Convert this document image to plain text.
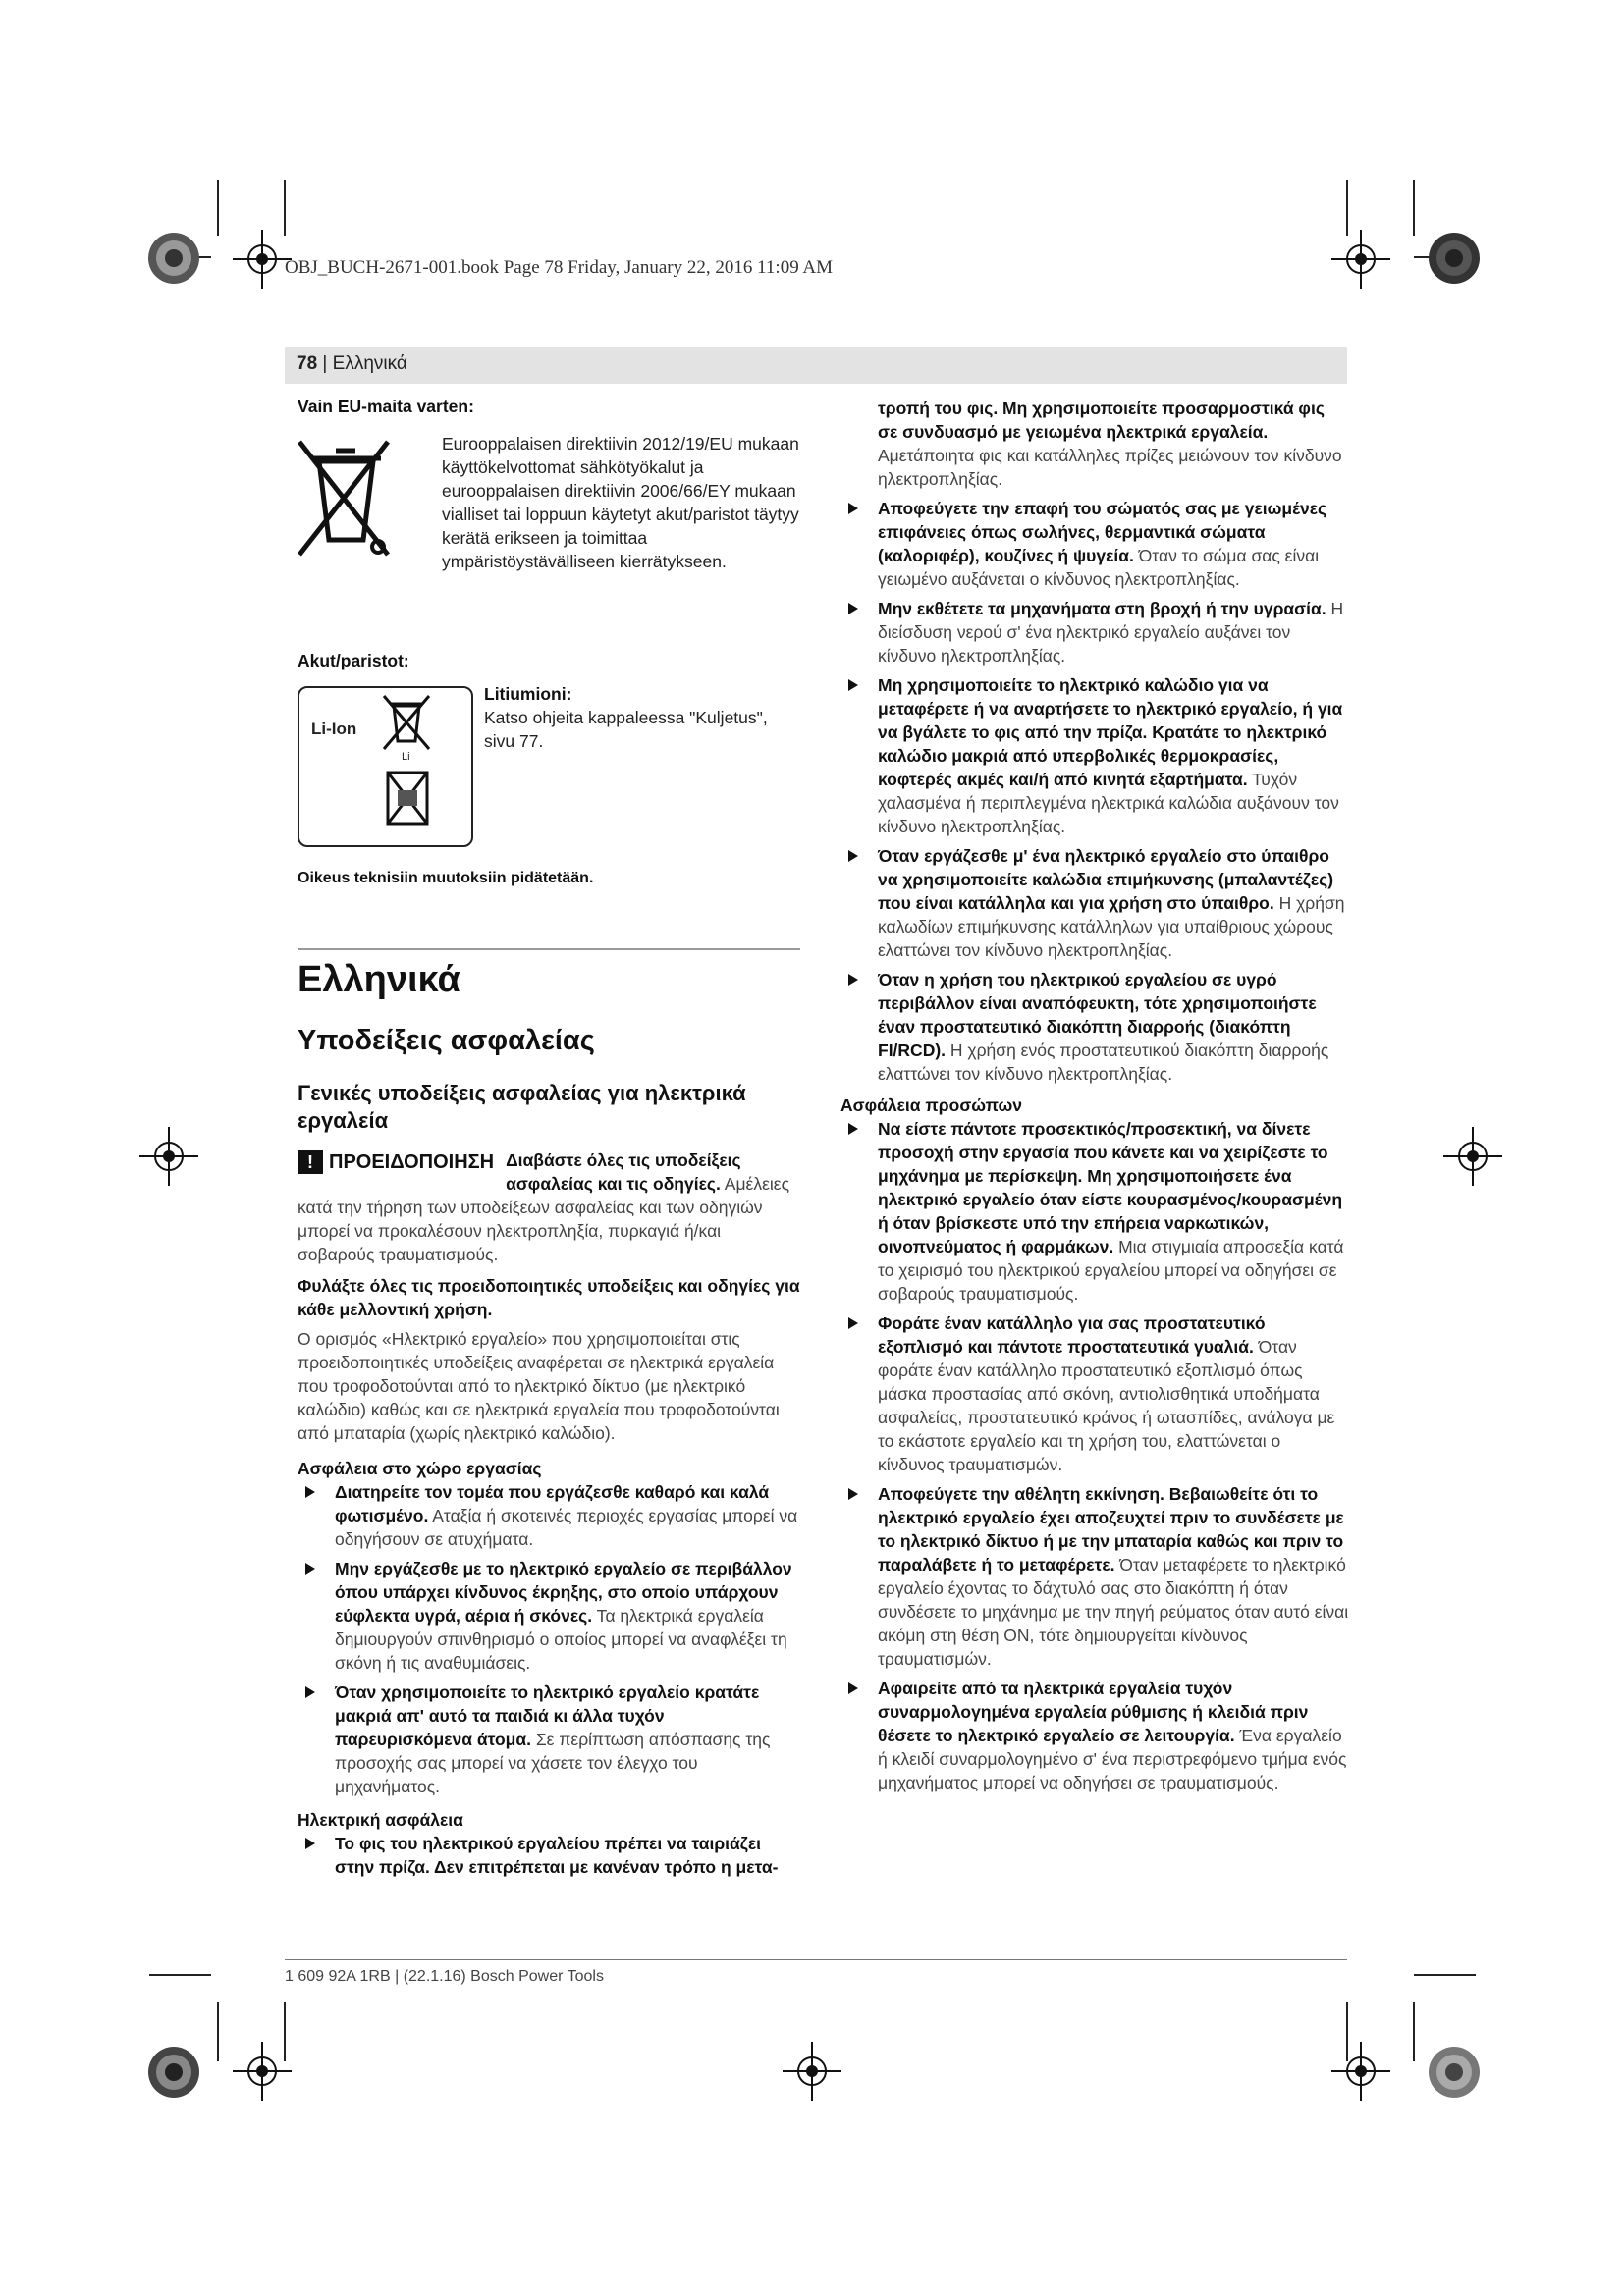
OBJ_BUCH-2671-001.book Page 78 Friday, January 22, 2016 11:09 AM
78 | Ελληνικά

Vain EU-maita varten:

Eurooppalaisen direktiivin 2012/19/EU mukaan käyttökelvottomat sähkötyökalut ja eurooppalaisen direktiivin 2006/66/EY mukaan vialliset tai loppuun käytetyt akut/paristot täytyy kerätä erikseen ja toimittaa ympäristöystävälliseen kierrätykseen.

Akut/paristot:

Li-Ion
Li

Litiumioni:

Katso ohjeita kappaleessa "Kuljetus", sivu 77.

Oikeus teknisiin muutoksiin pidätetään.

Ελληνικά

Υποδείξεις ασφαλείας

Γενικές υποδείξεις ασφαλείας για ηλεκτρικά εργαλεία

! ΠΡΟΕΙΔΟΠΟΙΗΣΗ Διαβάστε όλες τις υποδείξεις ασφαλείας και τις οδηγίες. Αμέλειες κατά την τήρηση των υποδείξεων ασφαλείας και των οδηγιών μπορεί να προκαλέσουν ηλεκτροπληξία, πυρκαγιά ή/και σοβαρούς τραυματισμούς.

Φυλάξτε όλες τις προειδοποιητικές υποδείξεις και οδηγίες για κάθε μελλοντική χρήση.

Ο ορισμός «Ηλεκτρικό εργαλείο» που χρησιμοποιείται στις προειδοποιητικές υποδείξεις αναφέρεται σε ηλεκτρικά εργαλεία που τροφοδοτούνται από το ηλεκτρικό δίκτυο (με ηλεκτρικό καλώδιο) καθώς και σε ηλεκτρικά εργαλεία που τροφοδοτούνται από μπαταρία (χωρίς ηλεκτρικό καλώδιο).

Ασφάλεια στο χώρο εργασίας

Διατηρείτε τον τομέα που εργάζεσθε καθαρό και καλά φωτισμένο. Αταξία ή σκοτεινές περιοχές εργασίας μπορεί να οδηγήσουν σε ατυχήματα.
Μην εργάζεσθε με το ηλεκτρικό εργαλείο σε περιβάλλον όπου υπάρχει κίνδυνος έκρηξης, στο οποίο υπάρχουν εύφλεκτα υγρά, αέρια ή σκόνες. Τα ηλεκτρικά εργαλεία δημιουργούν σπινθηρισμό ο οποίος μπορεί να αναφλέξει τη σκόνη ή τις αναθυμιάσεις.
Όταν χρησιμοποιείτε το ηλεκτρικό εργαλείο κρατάτε μακριά απ' αυτό τα παιδιά κι άλλα τυχόν παρευρισκόμενα άτομα. Σε περίπτωση απόσπασης της προσοχής σας μπορεί να χάσετε τον έλεγχο του μηχανήματος.

Ηλεκτρική ασφάλεια

Το φις του ηλεκτρικού εργαλείου πρέπει να ταιριάζει στην πρίζα. Δεν επιτρέπεται με κανέναν τρόπο η μετα-

τροπή του φις. Μη χρησιμοποιείτε προσαρμοστικά φις σε συνδυασμό με γειωμένα ηλεκτρικά εργαλεία. Αμετάποιητα φις και κατάλληλες πρίζες μειώνουν τον κίνδυνο ηλεκτροπληξίας.

Αποφεύγετε την επαφή του σώματός σας με γειωμένες επιφάνειες όπως σωλήνες, θερμαντικά σώματα (καλοριφέρ), κουζίνες ή ψυγεία. Όταν το σώμα σας είναι γειωμένο αυξάνεται ο κίνδυνος ηλεκτροπληξίας.
Μην εκθέτετε τα μηχανήματα στη βροχή ή την υγρασία. Η διείσδυση νερού σ' ένα ηλεκτρικό εργαλείο αυξάνει τον κίνδυνο ηλεκτροπληξίας.
Μη χρησιμοποιείτε το ηλεκτρικό καλώδιο για να μεταφέρετε ή να αναρτήσετε το ηλεκτρικό εργαλείο, ή για να βγάλετε το φις από την πρίζα. Κρατάτε το ηλεκτρικό καλώδιο μακριά από υπερβολικές θερμοκρασίες, κοφτερές ακμές και/ή από κινητά εξαρτήματα. Τυχόν χαλασμένα ή περιπλεγμένα ηλεκτρικά καλώδια αυξάνουν τον κίνδυνο ηλεκτροπληξίας.
Όταν εργάζεσθε μ' ένα ηλεκτρικό εργαλείο στο ύπαιθρο να χρησιμοποιείτε καλώδια επιμήκυνσης (μπαλαντέζες) που είναι κατάλληλα και για χρήση στο ύπαιθρο. Η χρήση καλωδίων επιμήκυνσης κατάλληλων για υπαίθριους χώρους ελαττώνει τον κίνδυνο ηλεκτροπληξίας.
Όταν η χρήση του ηλεκτρικού εργαλείου σε υγρό περιβάλλον είναι αναπόφευκτη, τότε χρησιμοποιήστε έναν προστατευτικό διακόπτη διαρροής (διακόπτη FI/RCD). Η χρήση ενός προστατευτικού διακόπτη διαρροής ελαττώνει τον κίνδυνο ηλεκτροπληξίας.

Ασφάλεια προσώπων

Να είστε πάντοτε προσεκτικός/προσεκτική, να δίνετε προσοχή στην εργασία που κάνετε και να χειρίζεστε το μηχάνημα με περίσκεψη. Μη χρησιμοποιήσετε ένα ηλεκτρικό εργαλείο όταν είστε κουρασμένος/κουρασμένη ή όταν βρίσκεστε υπό την επήρεια ναρκωτικών, οινοπνεύματος ή φαρμάκων. Μια στιγμιαία απροσεξία κατά το χειρισμό του ηλεκτρικού εργαλείου μπορεί να οδηγήσει σε σοβαρούς τραυματισμούς.
Φοράτε έναν κατάλληλο για σας προστατευτικό εξοπλισμό και πάντοτε προστατευτικά γυαλιά. Όταν φοράτε έναν κατάλληλο προστατευτικό εξοπλισμό όπως μάσκα προστασίας από σκόνη, αντιολισθητικά υποδήματα ασφαλείας, προστατευτικό κράνος ή ωτασπίδες, ανάλογα με το εκάστοτε εργαλείο και τη χρήση του, ελαττώνεται ο κίνδυνος τραυματισμών.
Αποφεύγετε την αθέλητη εκκίνηση. Βεβαιωθείτε ότι το ηλεκτρικό εργαλείο έχει αποζευχτεί πριν το συνδέσετε με το ηλεκτρικό δίκτυο ή με την μπαταρία καθώς και πριν το παραλάβετε ή το μεταφέρετε. Όταν μεταφέρετε το ηλεκτρικό εργαλείο έχοντας το δάχτυλό σας στο διακόπτη ή όταν συνδέσετε το μηχάνημα με την πηγή ρεύματος όταν αυτό είναι ακόμη στη θέση ON, τότε δημιουργείται κίνδυνος τραυματισμών.
Αφαιρείτε από τα ηλεκτρικά εργαλεία τυχόν συναρμολογημένα εργαλεία ρύθμισης ή κλειδιά πριν θέσετε το ηλεκτρικό εργαλείο σε λειτουργία. Ένα εργαλείο ή κλειδί συναρμολογημένο σ' ένα περιστρεφόμενο τμήμα ενός μηχανήματος μπορεί να οδηγήσει σε τραυματισμούς.
1 609 92A 1RB | (22.1.16) Bosch Power Tools
